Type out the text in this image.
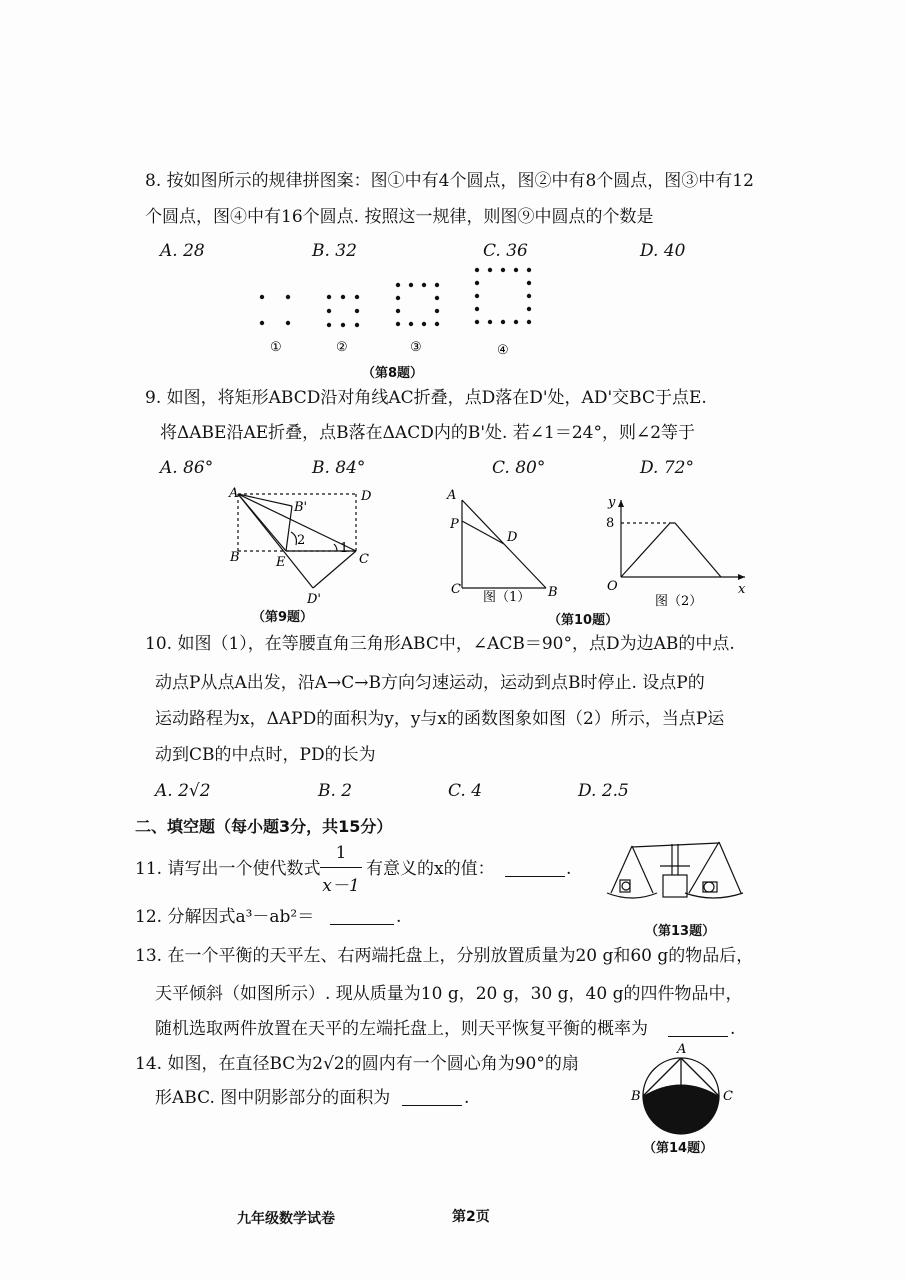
8. 按如图所示的规律拼图案：图①中有4个圆点，图②中有8个圆点，图③中有12
个圆点，图④中有16个圆点. 按照这一规律，则图⑨中圆点的个数是
A. 28	B. 32	C. 36	D. 40
①	②	③	④
（第8题）
9. 如图，将矩形ABCD沿对角线AC折叠，点D落在D'处，AD'交BC于点E.
将ΔABE沿AE折叠，点B落在ΔACD内的B'处. 若∠1＝24°，则∠2等于
A. 86°	B. 84°	C. 80°	D. 72°
A	D
B'
2
1
B	E	C
D'
（第9题）
A
P
D
C	B
图（1）
y
8
O	x
图（2）
（第10题）
10. 如图（1），在等腰直角三角形ABC中，∠ACB＝90°，点D为边AB的中点.
动点P从点A出发，沿A→C→B方向匀速运动，运动到点B时停止. 设点P的
运动路程为x，ΔAPD的面积为y，y与x的函数图象如图（2）所示，当点P运
动到CB的中点时，PD的长为
A. 2√2	B. 2	C. 4	D. 2.5
二、填空题（每小题3分，共15分）
11. 请写出一个使代数式
1
x－1
有意义的x的值：	.
（第13题）
12. 分解因式a³－ab²＝	.
13. 在一个平衡的天平左、右两端托盘上，分别放置质量为20 g和60 g的物品后，
天平倾斜（如图所示）. 现从质量为10 g，20 g，30 g，40 g的四件物品中，
随机选取两件放置在天平的左端托盘上，则天平恢复平衡的概率为	.
14. 如图，在直径BC为2√2的圆内有一个圆心角为90°的扇
形ABC. 图中阴影部分的面积为	.
A
B	C
（第14题）
九年级数学试卷	第2页
